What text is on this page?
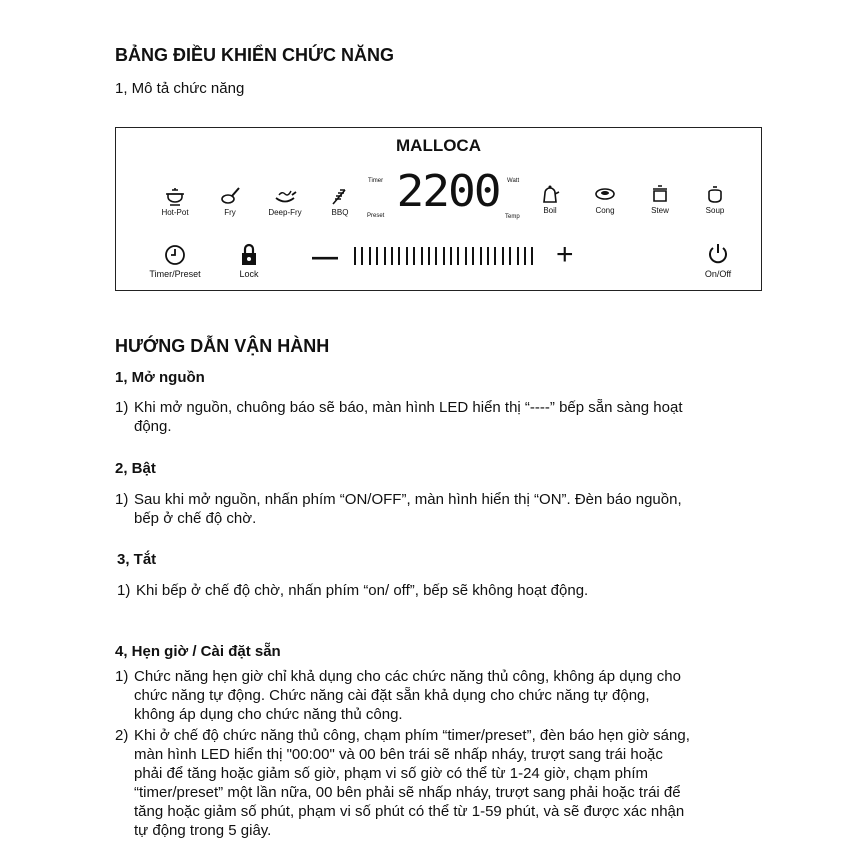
BẢNG ĐIỀU KHIỂN CHỨC NĂNG
1, Mô tả chức năng
MALLOCA
Hot-Pot	Fry	Deep-Fry	BBQ	Boil	Cong	Stew	Soup
Timer
Preset 2200 Watt
Temp
Timer/Preset	Lock
—	+
On/Off
HƯỚNG DẪN VẬN HÀNH
1, Mở nguồn
1) Khi mở nguồn, chuông báo sẽ báo, màn hình LED hiển thị “----” bếp sẵn sàng hoạt
động.
2, Bật
1) Sau khi mở nguồn, nhấn phím “ON/OFF”, màn hình hiển thị “ON”. Đèn báo nguồn,
bếp ở chế độ chờ.
3, Tắt
1) Khi bếp ở chế độ chờ, nhấn phím “on/ off”, bếp sẽ không hoạt động.
4, Hẹn giờ / Cài đặt sẵn
1) Chức năng hẹn giờ chỉ khả dụng cho các chức năng thủ công, không áp dụng cho
chức năng tự động. Chức năng cài đặt sẵn khả dụng cho chức năng tự động,
không áp dụng cho chức năng thủ công.
2) Khi ở chế độ chức năng thủ công, chạm phím “timer/preset”, đèn báo hẹn giờ sáng,
màn hình LED hiển thị "00:00" và 00 bên trái sẽ nhấp nháy, trượt sang trái hoặc
phải để tăng hoặc giảm số giờ, phạm vi số giờ có thể từ 1-24 giờ, chạm phím
“timer/preset” một lần nữa, 00 bên phải sẽ nhấp nháy, trượt sang phải hoặc trái để
tăng hoặc giảm số phút, phạm vi số phút có thể từ 1-59 phút, và sẽ được xác nhận
tự động trong 5 giây.
